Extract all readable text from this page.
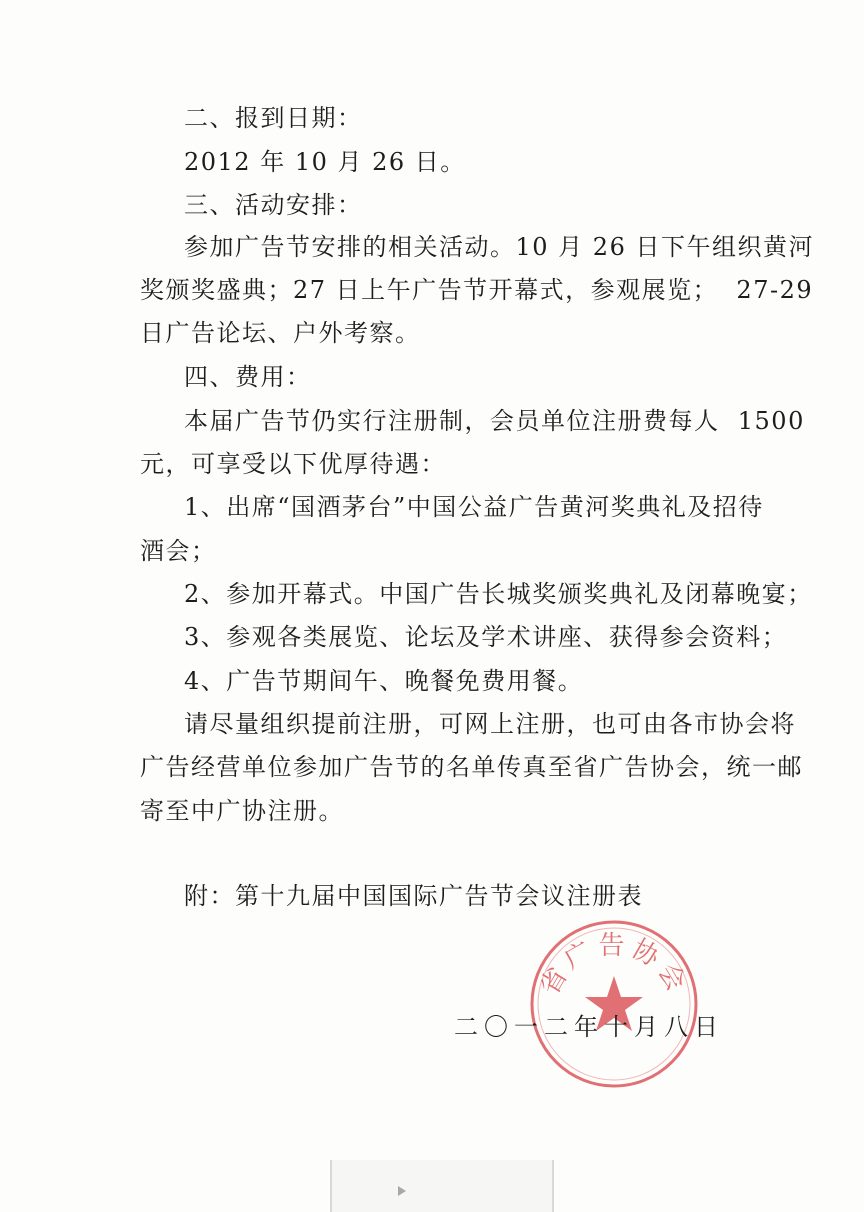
二、报到日期：

2012 年 10 月 26 日。

三、活动安排：

参加广告节安排的相关活动。10 月 26 日下午组织黄河

奖颁奖盛典；27 日上午广告节开幕式，参观展览；  27-29

日广告论坛、户外考察。

四、费用：

本届广告节仍实行注册制，会员单位注册费每人  1500

元，可享受以下优厚待遇：

1、出席“国酒茅台”中国公益广告黄河奖典礼及招待

酒会；

2、参加开幕式。中国广告长城奖颁奖典礼及闭幕晚宴；

3、参观各类展览、论坛及学术讲座、获得参会资料；

4、广告节期间午、晚餐免费用餐。

请尽量组织提前注册，可网上注册，也可由各市协会将

广告经营单位参加广告节的名单传真至省广告协会，统一邮

寄至中广协注册。

附：第十九届中国国际广告节会议注册表

省广告协会
二〇一二年十月八日
